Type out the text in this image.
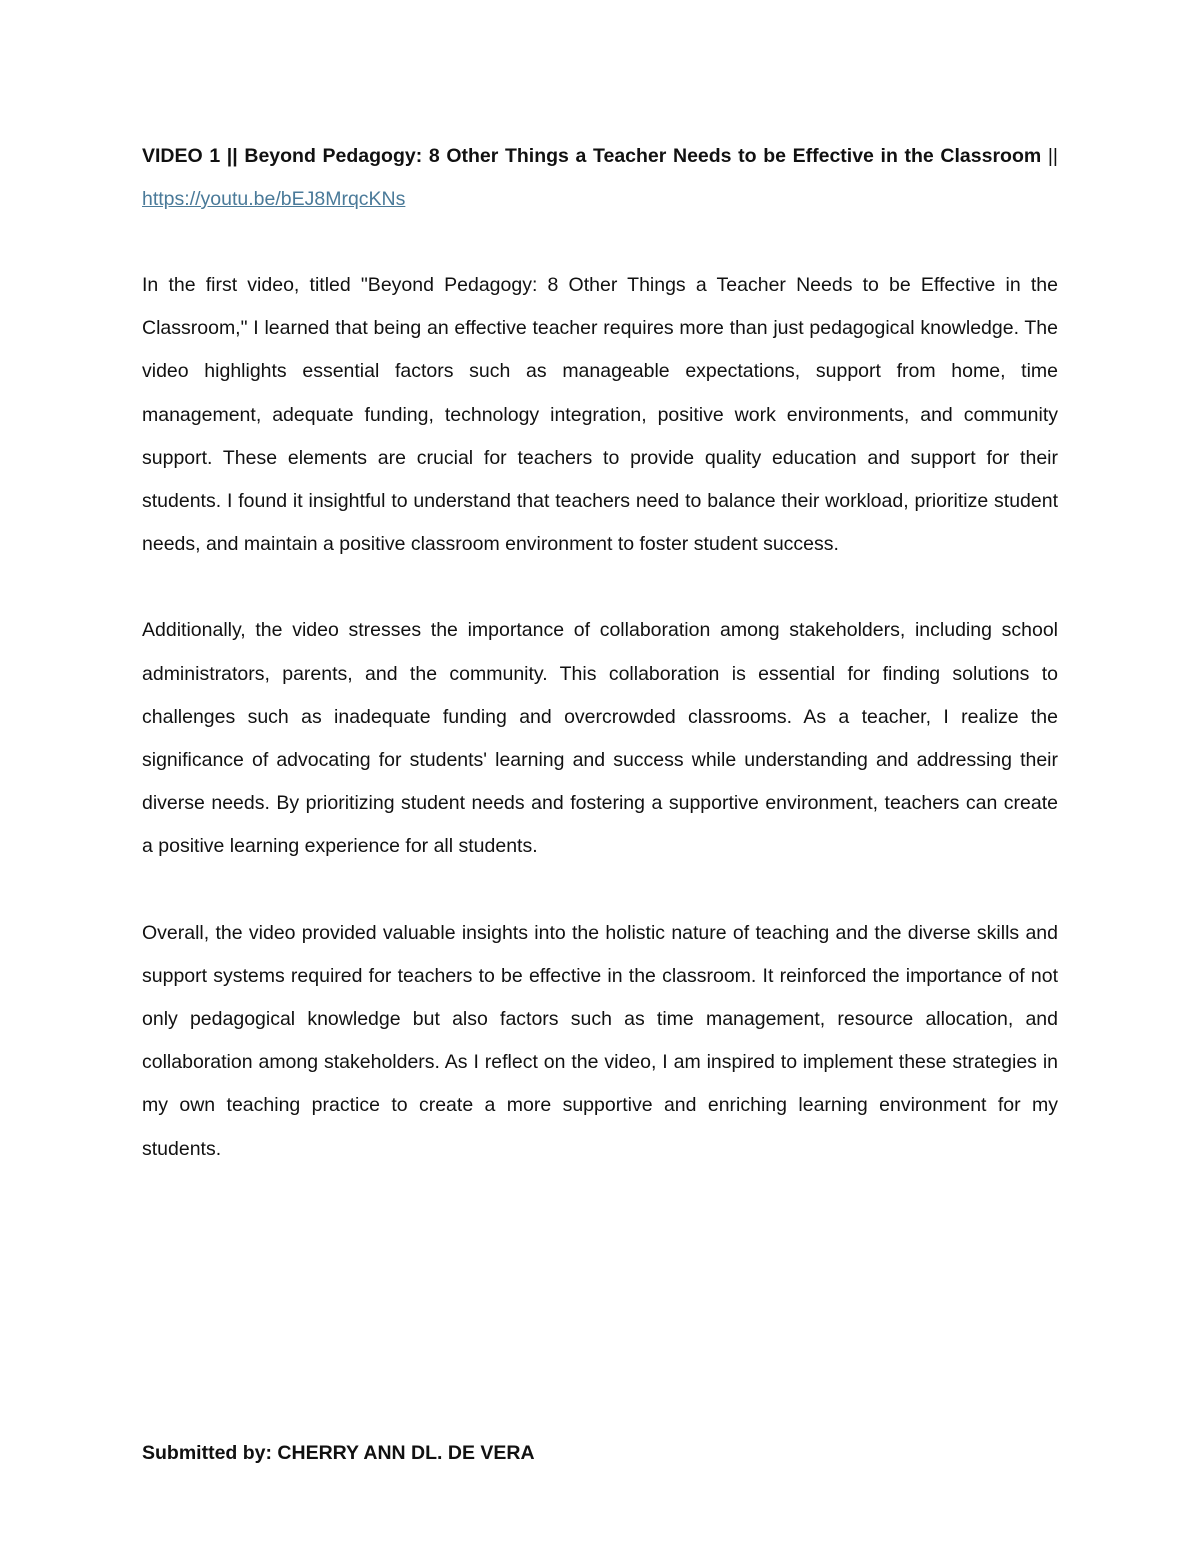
VIDEO 1 || Beyond Pedagogy: 8 Other Things a Teacher Needs to be Effective in the Classroom || https://youtu.be/bEJ8MrqcKNs

In the first video, titled "Beyond Pedagogy: 8 Other Things a Teacher Needs to be Effective in the Classroom," I learned that being an effective teacher requires more than just pedagogical knowledge. The video highlights essential factors such as manageable expectations, support from home, time management, adequate funding, technology integration, positive work environments, and community support. These elements are crucial for teachers to provide quality education and support for their students. I found it insightful to understand that teachers need to balance their workload, prioritize student needs, and maintain a positive classroom environment to foster student success.

Additionally, the video stresses the importance of collaboration among stakeholders, including school administrators, parents, and the community. This collaboration is essential for finding solutions to challenges such as inadequate funding and overcrowded classrooms. As a teacher, I realize the significance of advocating for students' learning and success while understanding and addressing their diverse needs. By prioritizing student needs and fostering a supportive environment, teachers can create a positive learning experience for all students.

Overall, the video provided valuable insights into the holistic nature of teaching and the diverse skills and support systems required for teachers to be effective in the classroom. It reinforced the importance of not only pedagogical knowledge but also factors such as time management, resource allocation, and collaboration among stakeholders. As I reflect on the video, I am inspired to implement these strategies in my own teaching practice to create a more supportive and enriching learning environment for my students.

Submitted by: CHERRY ANN DL. DE VERA
